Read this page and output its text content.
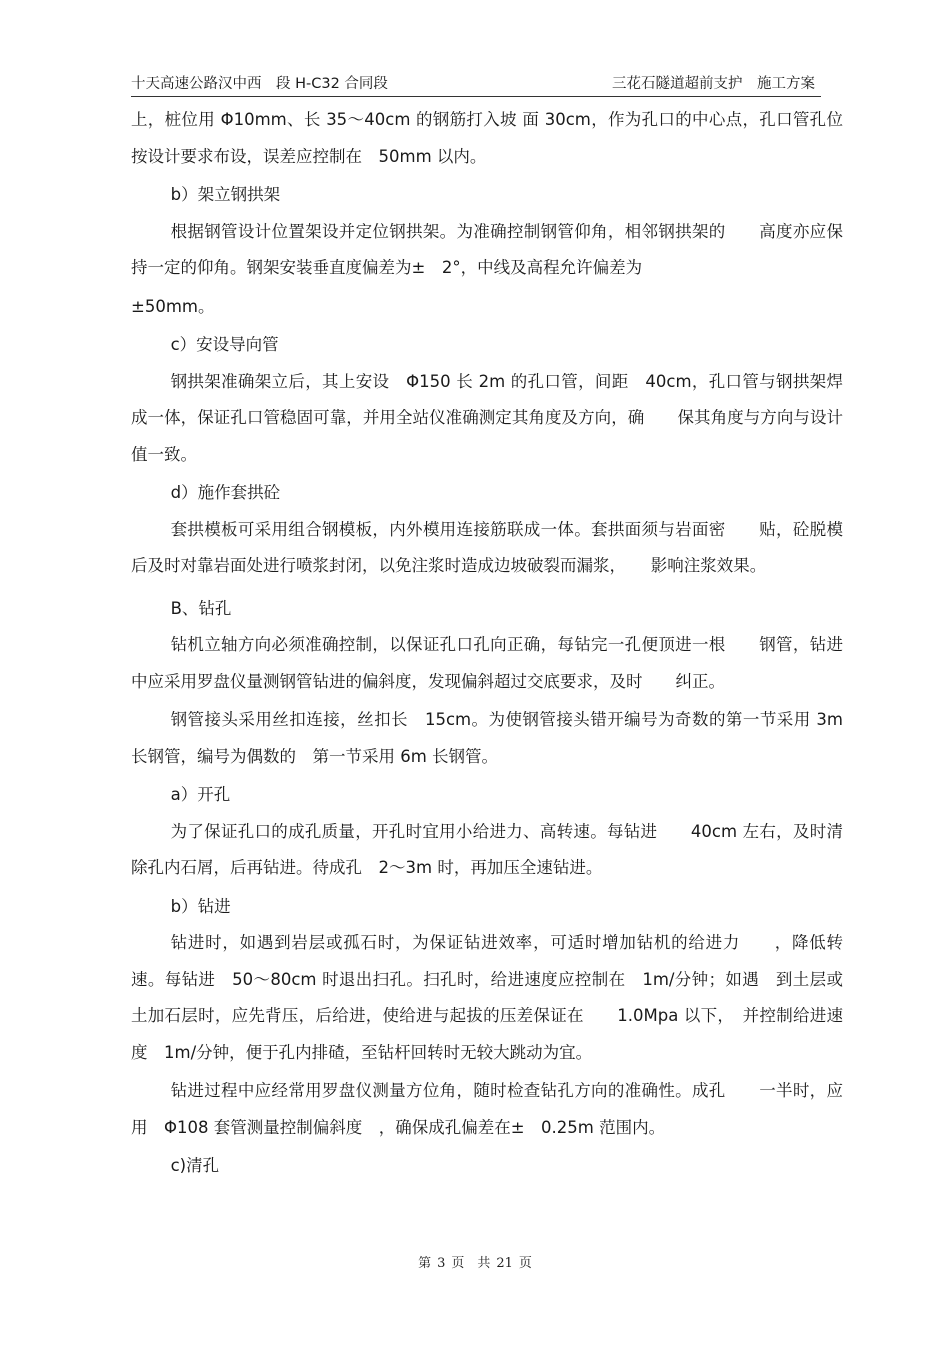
十天高速公路汉中西　段 H-C32 合同段	三花石隧道超前支护　施工方案

上，桩位用 Φ10mm、长 35～40cm 的钢筋打入坡 面 30cm，作为孔口的中心点，孔口管孔位按设计要求布设，误差应控制在　50mm 以内。

b）架立钢拱架

根据钢管设计位置架设并定位钢拱架。为准确控制钢管仰角，相邻钢拱架的　　高度亦应保持一定的仰角。钢架安装垂直度偏差为±　2°，中线及高程允许偏差为

±50mm。

c）安设导向管

钢拱架准确架立后，其上安设　Φ150 长 2m 的孔口管，间距　40cm，孔口管与钢拱架焊成一体，保证孔口管稳固可靠，并用全站仪准确测定其角度及方向，确　　保其角度与方向与设计值一致。

d）施作套拱砼

套拱模板可采用组合钢模板，内外模用连接筋联成一体。套拱面须与岩面密　　贴，砼脱模后及时对靠岩面处进行喷浆封闭，以免注浆时造成边坡破裂而漏浆，　　影响注浆效果。

B、钻孔

钻机立轴方向必须准确控制，以保证孔口孔向正确，每钻完一孔便顶进一根　　钢管，钻进中应采用罗盘仪量测钢管钻进的偏斜度，发现偏斜超过交底要求，及时　　纠正。

钢管接头采用丝扣连接，丝扣长　15cm。为使钢管接头错开编号为奇数的第一节采用 3m 长钢管，编号为偶数的　第一节采用 6m 长钢管。

a）开孔

为了保证孔口的成孔质量，开孔时宜用小给进力、高转速。每钻进　　40cm 左右，及时清除孔内石屑，后再钻进。待成孔　2～3m 时，再加压全速钻进。

b）钻进

钻进时，如遇到岩层或孤石时，为保证钻进效率，可适时增加钻机的给进力　　，降低转速。每钻进　50～80cm 时退出扫孔。扫孔时，给进速度应控制在　1m/分钟；如遇　到土层或土加石层时，应先背压，后给进，使给进与起拔的压差保证在　　1.0Mpa 以下，　并控制给进速度　1m/分钟，便于孔内排碴，至钻杆回转时无较大跳动为宜。

钻进过程中应经常用罗盘仪测量方位角，随时检查钻孔方向的准确性。成孔　　一半时，应用　Φ108 套管测量控制偏斜度　，确保成孔偏差在±　0.25m 范围内。

c)清孔

第 3 页　共 21 页
